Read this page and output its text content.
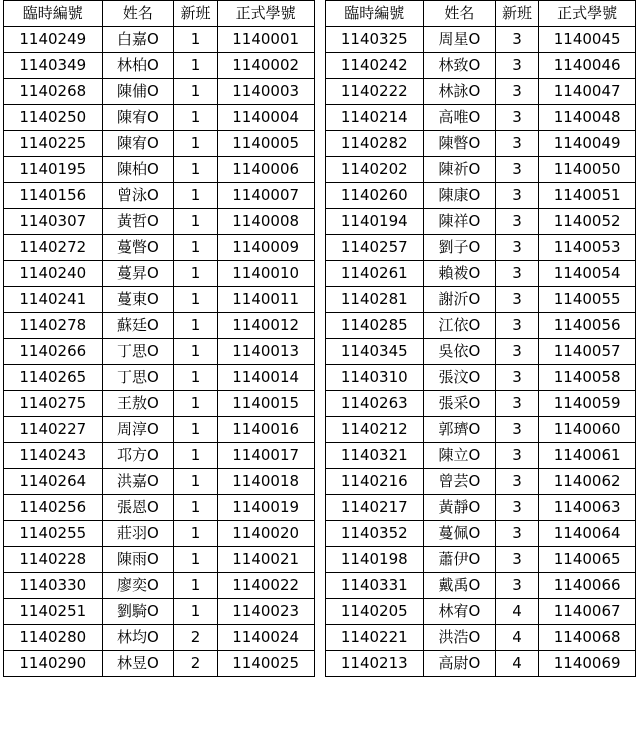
臨時編號	姓名	新班	正式學號
1140249	白嘉O	1	1140001
1140349	林柏O	1	1140002
1140268	陳俌O	1	1140003
1140250	陳宥O	1	1140004
1140225	陳宥O	1	1140005
1140195	陳柏O	1	1140006
1140156	曾泳O	1	1140007
1140307	黃哲O	1	1140008
1140272	蔓暼O	1	1140009
1140240	蔓昇O	1	1140010
1140241	蔓東O	1	1140011
1140278	蘇廷O	1	1140012
1140266	丁思O	1	1140013
1140265	丁思O	1	1140014
1140275	王敖O	1	1140015
1140227	周淳O	1	1140016
1140243	邛方O	1	1140017
1140264	洪嘉O	1	1140018
1140256	張恩O	1	1140019
1140255	莊羽O	1	1140020
1140228	陳雨O	1	1140021
1140330	廖奕O	1	1140022
1140251	劉騎O	1	1140023
1140280	林均O	2	1140024
1140290	林昱O	2	1140025
臨時編號	姓名	新班	正式學號
1140325	周星O	3	1140045
1140242	林致O	3	1140046
1140222	林詠O	3	1140047
1140214	高唯O	3	1140048
1140282	陳暼O	3	1140049
1140202	陳祈O	3	1140050
1140260	陳康O	3	1140051
1140194	陳祥O	3	1140052
1140257	劉子O	3	1140053
1140261	賴袯O	3	1140054
1140281	謝沂O	3	1140055
1140285	江依O	3	1140056
1140345	吳依O	3	1140057
1140310	張汶O	3	1140058
1140263	張采O	3	1140059
1140212	郭璾O	3	1140060
1140321	陳立O	3	1140061
1140216	曾芸O	3	1140062
1140217	黃靜O	3	1140063
1140352	蔓佩O	3	1140064
1140198	蕭伊O	3	1140065
1140331	戴禹O	3	1140066
1140205	林宥O	4	1140067
1140221	洪浩O	4	1140068
1140213	高尉O	4	1140069
